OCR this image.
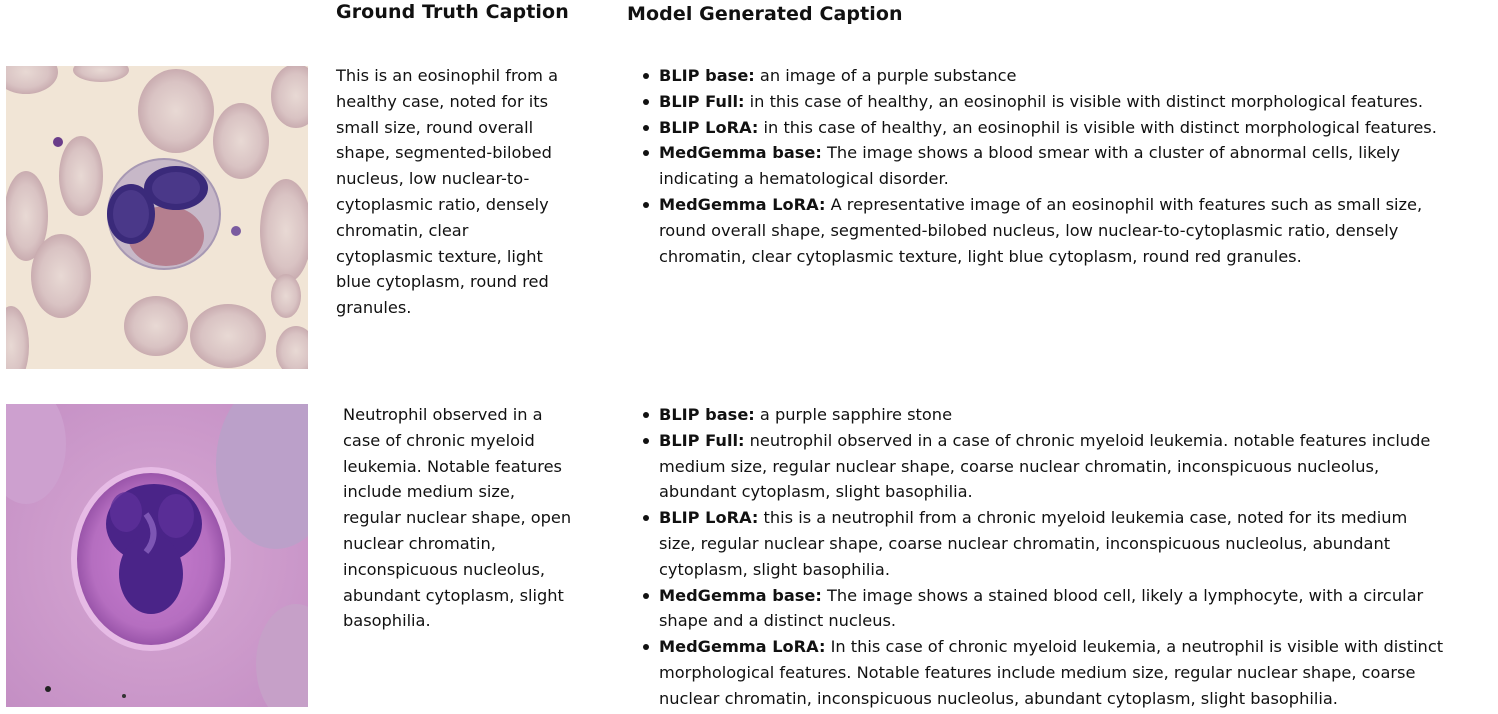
Ground Truth Caption	Model Generated Caption
This is an eosinophil from a
healthy case, noted for its
small size, round overall
shape, segmented-bilobed
nucleus, low nuclear-to-
cytoplasmic ratio, densely
chromatin, clear
cytoplasmic texture, light
blue cytoplasm, round red
granules.
BLIP base: an image of a purple substance
BLIP Full: in this case of healthy, an eosinophil is visible with distinct morphological features.
BLIP LoRA: in this case of healthy, an eosinophil is visible with distinct morphological features.
MedGemma base: The image shows a blood smear with a cluster of abnormal cells, likely
indicating a hematological disorder.
MedGemma LoRA: A representative image of an eosinophil with features such as small size,
round overall shape, segmented-bilobed nucleus, low nuclear-to-cytoplasmic ratio, densely
chromatin, clear cytoplasmic texture, light blue cytoplasm, round red granules.
Neutrophil observed in a
case of chronic myeloid
leukemia. Notable features
include medium size,
regular nuclear shape, open
nuclear chromatin,
inconspicuous nucleolus,
abundant cytoplasm, slight
basophilia.
BLIP base: a purple sapphire stone
BLIP Full: neutrophil observed in a case of chronic myeloid leukemia. notable features include
medium size, regular nuclear shape, coarse nuclear chromatin, inconspicuous nucleolus,
abundant cytoplasm, slight basophilia.
BLIP LoRA: this is a neutrophil from a chronic myeloid leukemia case, noted for its medium
size, regular nuclear shape, coarse nuclear chromatin, inconspicuous nucleolus, abundant
cytoplasm, slight basophilia.
MedGemma base: The image shows a stained blood cell, likely a lymphocyte, with a circular
shape and a distinct nucleus.
MedGemma LoRA: In this case of chronic myeloid leukemia, a neutrophil is visible with distinct
morphological features. Notable features include medium size, regular nuclear shape, coarse
nuclear chromatin, inconspicuous nucleolus, abundant cytoplasm, slight basophilia.
